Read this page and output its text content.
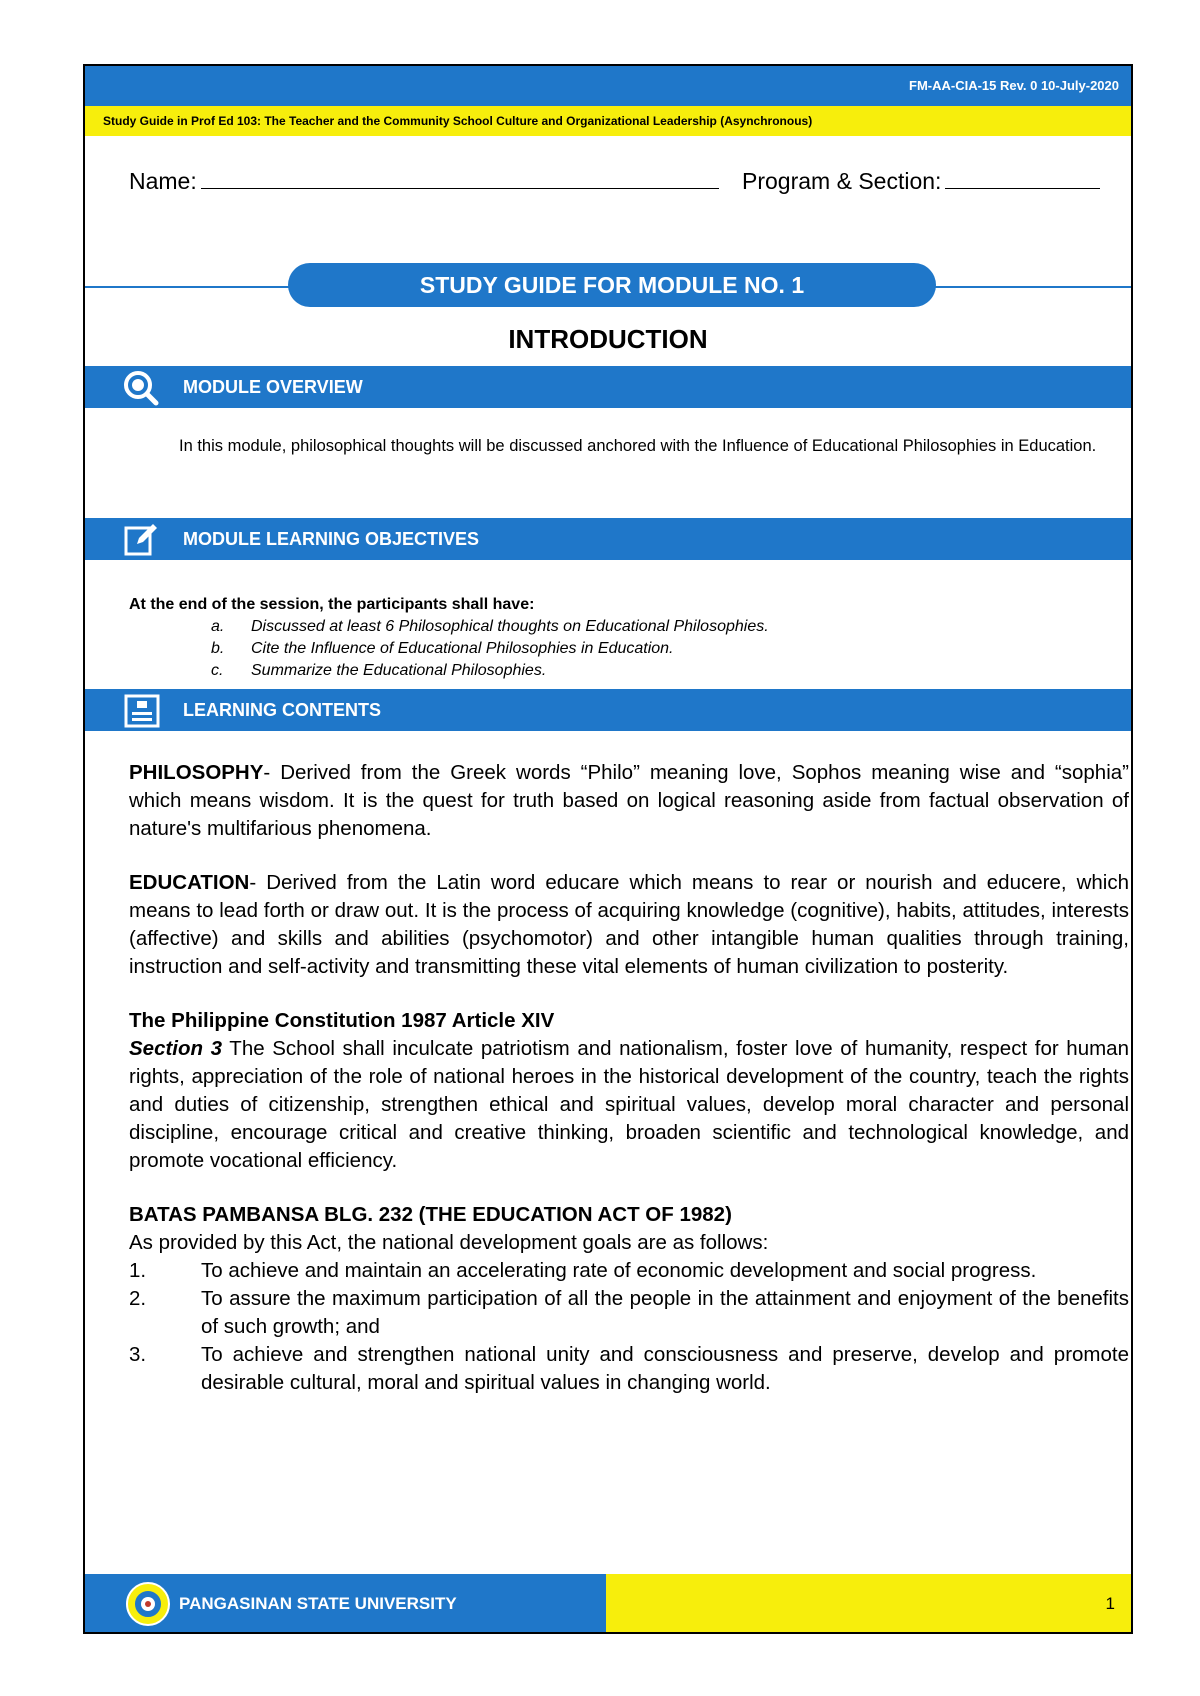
FM-AA-CIA-15 Rev. 0 10-July-2020
Study Guide in Prof Ed 103: The Teacher and the Community School Culture and Organizational Leadership (Asynchronous)
Name:	Program & Section:
STUDY GUIDE FOR MODULE NO. 1
INTRODUCTION
MODULE OVERVIEW
In this module, philosophical thoughts will be discussed anchored with the Influence of Educational Philosophies in Education.
MODULE LEARNING OBJECTIVES
At the end of the session, the participants shall have:
a.	Discussed at least 6 Philosophical thoughts on Educational Philosophies.
b.	Cite the Influence of Educational Philosophies in Education.
c.	Summarize the Educational Philosophies.
LEARNING CONTENTS

PHILOSOPHY- Derived from the Greek words “Philo” meaning love, Sophos meaning wise and “sophia” which means wisdom. It is the quest for truth based on logical reasoning aside from factual observation of nature's multifarious phenomena.

EDUCATION- Derived from the Latin word educare which means to rear or nourish and educere, which means to lead forth or draw out. It is the process of acquiring knowledge (cognitive), habits, attitudes, interests (affective) and skills and abilities (psychomotor) and other intangible human qualities through training, instruction and self-activity and transmitting these vital elements of human civilization to posterity.

The Philippine Constitution 1987 Article XIV

Section 3 The School shall inculcate patriotism and nationalism, foster love of humanity, respect for human rights, appreciation of the role of national heroes in the historical development of the country, teach the rights and duties of citizenship, strengthen ethical and spiritual values, develop moral character and personal discipline, encourage critical and creative thinking, broaden scientific and technological knowledge, and promote vocational efficiency.

BATAS PAMBANSA BLG. 232 (THE EDUCATION ACT OF 1982)
As provided by this Act, the national development goals are as follows:
1.	To achieve and maintain an accelerating rate of economic development and social progress.
2.	To assure the maximum participation of all the people in the attainment and enjoyment of the benefits of such growth; and
3.	To achieve and strengthen national unity and consciousness and preserve, develop and promote desirable cultural, moral and spiritual values in changing world.
PANGASINAN STATE UNIVERSITY	1
